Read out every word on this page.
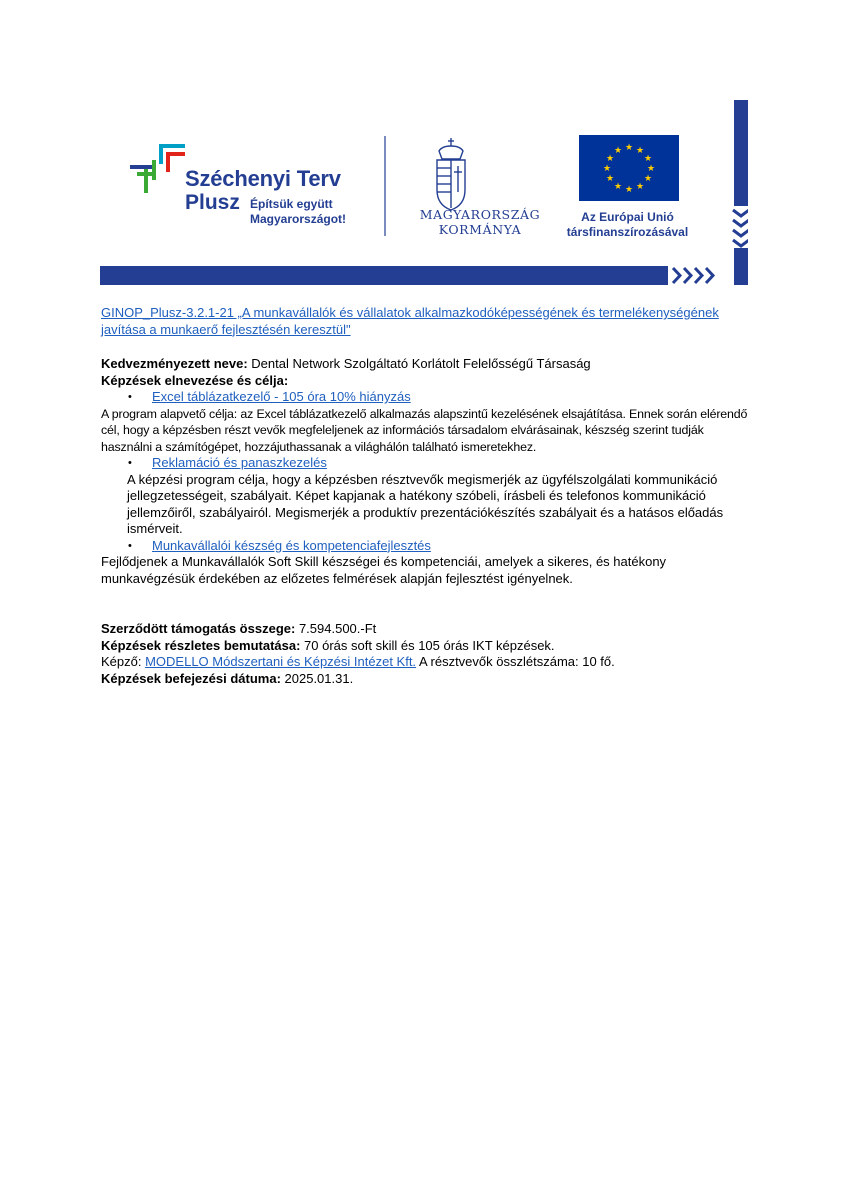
★ ★
★
★
★
★
★
★
★
★
★
★
Széchenyi Terv
Plusz Építsük együtt
Magyarországot!	MAGYARORSZÁG
KORMÁNYA
Az Európai Unió
társfinanszírozásával

GINOP_Plusz-3.2.1-21 „A munkavállalók és vállalatok alkalmazkodóképességének és termelékenységének javítása a munkaerő fejlesztésén keresztül"

Kedvezményezett neve: Dental Network Szolgáltató Korlátolt Felelősségű Társaság

Képzések elnevezése és célja:

• Excel táblázatkezelő - 105 óra 10% hiányzás

A program alapvető célja: az Excel táblázatkezelő alkalmazás alapszintű kezelésének elsajátítása. Ennek során elérendő cél, hogy a képzésben részt vevők megfeleljenek az információs társadalom elvárásainak, készség szerint tudják használni a számítógépet, hozzájuthassanak a világhálón található ismeretekhez.

• Reklamáció és panaszkezelés

A képzési program célja, hogy a képzésben résztvevők megismerjék az ügyfélszolgálati kommunikáció jellegzetességeit, szabályait. Képet kapjanak a hatékony szóbeli, írásbeli és telefonos kommunikáció jellemzőiről, szabályairól. Megismerjék a produktív prezentációkészítés szabályait és a hatásos előadás ismérveit.

• Munkavállalói készség és kompetenciafejlesztés

Fejlődjenek a Munkavállalók Soft Skill készségei és kompetenciái, amelyek a sikeres, és hatékony munkavégzésük érdekében az előzetes felmérések alapján fejlesztést igényelnek.

Szerződött támogatás összege: 7.594.500.-Ft

Képzések részletes bemutatása: 70 órás soft skill és 105 órás IKT képzések.

Képző: MODELLO Módszertani és Képzési Intézet Kft. A résztvevők összlétszáma: 10 fő.

Képzések befejezési dátuma: 2025.01.31.
